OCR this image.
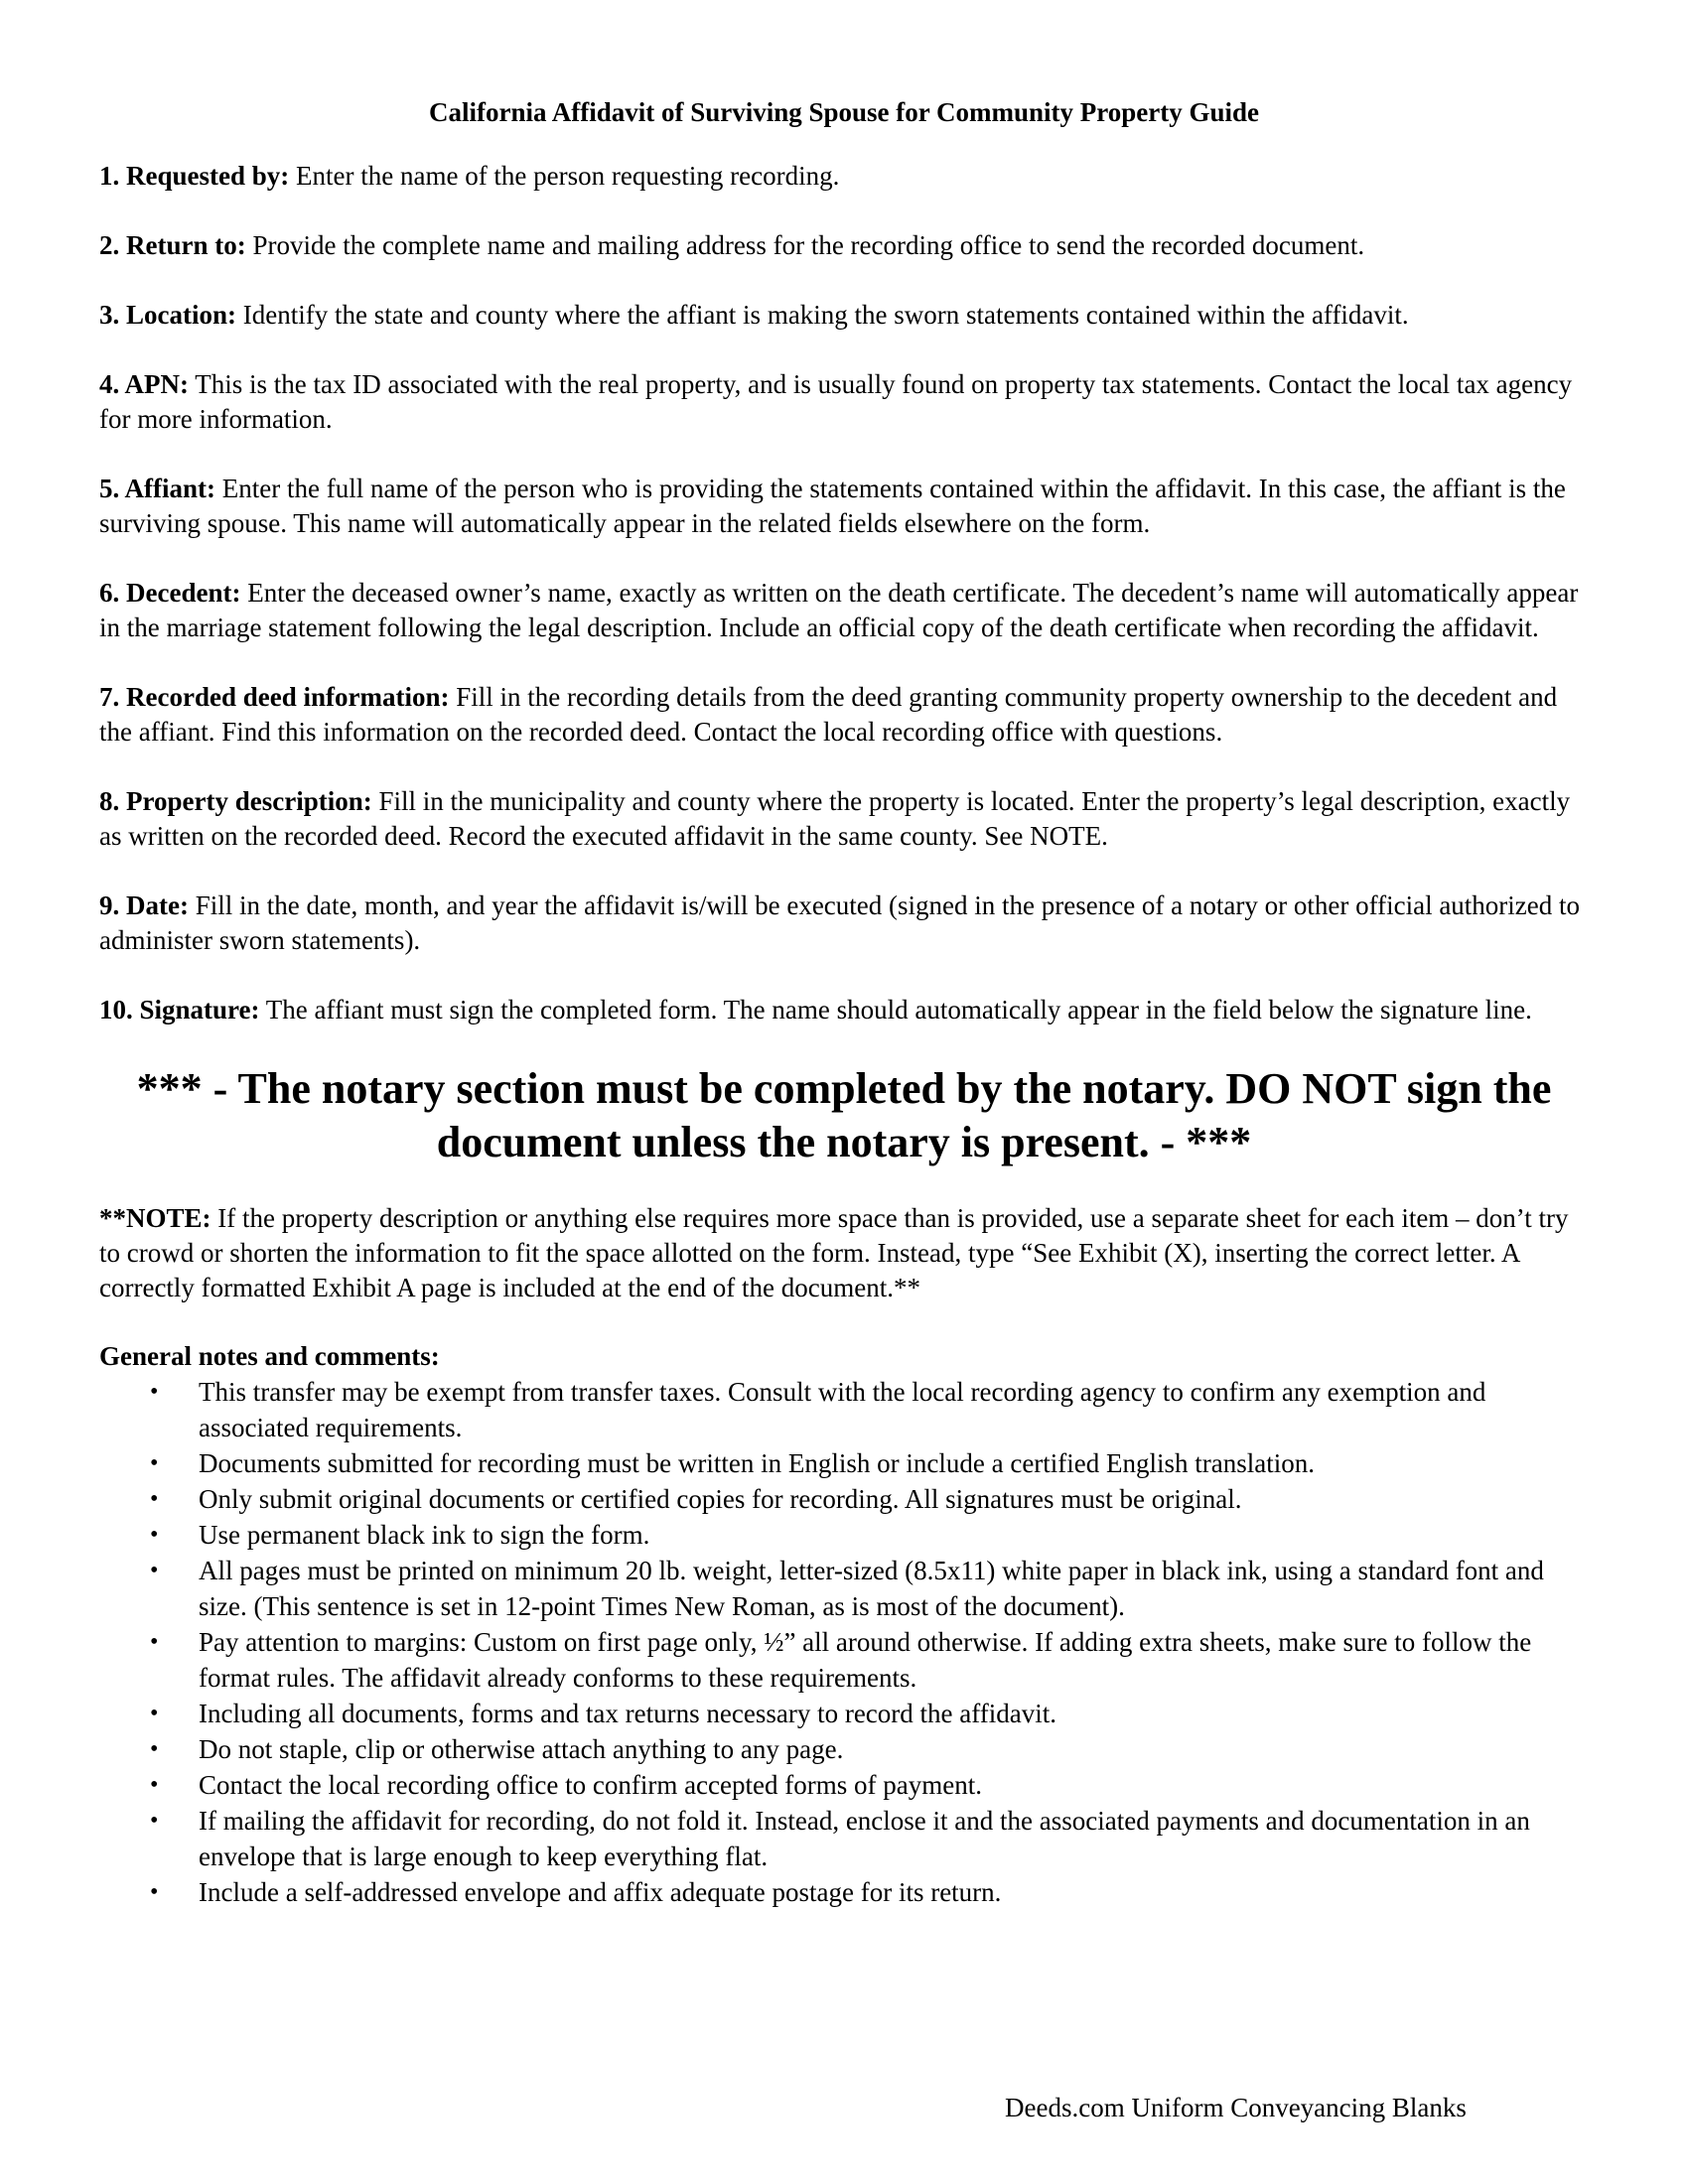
California Affidavit of Surviving Spouse for Community Property Guide
1. Requested by: Enter the name of the person requesting recording.
2. Return to: Provide the complete name and mailing address for the recording office to send the recorded document.
3. Location: Identify the state and county where the affiant is making the sworn statements contained within the affidavit.
4. APN: This is the tax ID associated with the real property, and is usually found on property tax statements. Contact the local tax agency for more information.
5. Affiant: Enter the full name of the person who is providing the statements contained within the affidavit. In this case, the affiant is the surviving spouse. This name will automatically appear in the related fields elsewhere on the form.
6. Decedent: Enter the deceased owner’s name, exactly as written on the death certificate. The decedent’s name will automatically appear in the marriage statement following the legal description. Include an official copy of the death certificate when recording the affidavit.
7. Recorded deed information: Fill in the recording details from the deed granting community property ownership to the decedent and the affiant. Find this information on the recorded deed. Contact the local recording office with questions.
8. Property description: Fill in the municipality and county where the property is located. Enter the property’s legal description, exactly as written on the recorded deed. Record the executed affidavit in the same county. See NOTE.
9. Date: Fill in the date, month, and year the affidavit is/will be executed (signed in the presence of a notary or other official authorized to administer sworn statements).
10. Signature: The affiant must sign the completed form. The name should automatically appear in the field below the signature line.
*** - The notary section must be completed by the notary. DO NOT sign the document unless the notary is present. - ***
**NOTE: If the property description or anything else requires more space than is provided, use a separate sheet for each item – don’t try to crowd or shorten the information to fit the space allotted on the form. Instead, type “See Exhibit (X), inserting the correct letter. A correctly formatted Exhibit A page is included at the end of the document.**
General notes and comments:
• This transfer may be exempt from transfer taxes. Consult with the local recording agency to confirm any exemption and associated requirements.
• Documents submitted for recording must be written in English or include a certified English translation.
• Only submit original documents or certified copies for recording. All signatures must be original.
• Use permanent black ink to sign the form.
• All pages must be printed on minimum 20 lb. weight, letter-sized (8.5x11) white paper in black ink, using a standard font and size. (This sentence is set in 12-point Times New Roman, as is most of the document).
• Pay attention to margins: Custom on first page only, ½” all around otherwise. If adding extra sheets, make sure to follow the format rules. The affidavit already conforms to these requirements.
• Including all documents, forms and tax returns necessary to record the affidavit.
• Do not staple, clip or otherwise attach anything to any page.
• Contact the local recording office to confirm accepted forms of payment.
• If mailing the affidavit for recording, do not fold it. Instead, enclose it and the associated payments and documentation in an envelope that is large enough to keep everything flat.
• Include a self-addressed envelope and affix adequate postage for its return.
Deeds.com Uniform Conveyancing Blanks
